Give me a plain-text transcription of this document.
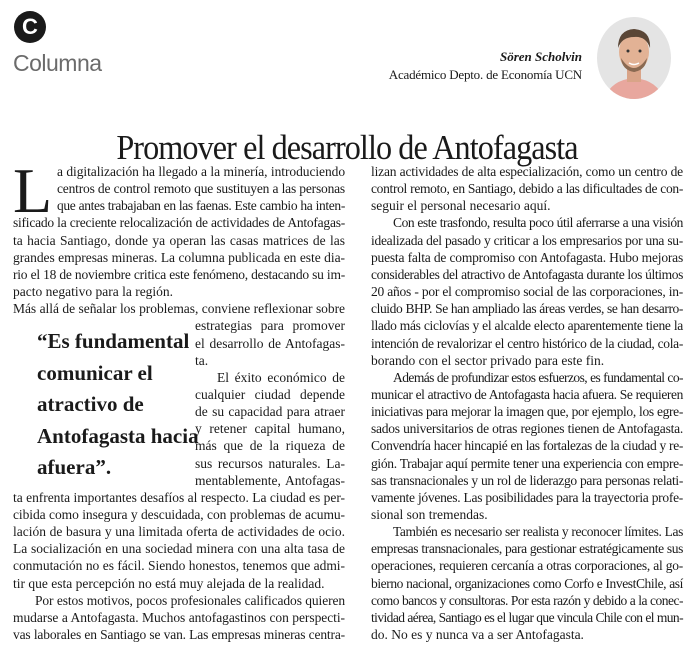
C
Columna	Sören Scholvin
Académico Depto. de Economía UCN
Promover el desarrollo de Antofagasta
L
“Es fundamental
comunicar el
atractivo de
Antofagasta hacia
afuera”.
a digitalización ha llegado a la minería, introduciendo
centros de control remoto que sustituyen a las personas
que antes trabajaban en las faenas. Este cambio ha inten-
sificado la creciente relocalización de actividades de Antofagas-
ta hacia Santiago, donde ya operan las casas matrices de las
grandes empresas mineras. La columna publicada en este dia-
rio el 18 de noviembre critica este fenómeno, destacando su im-
pacto negativo para la región.
Más allá de señalar los problemas, conviene reflexionar sobre
estrategias para promover
el desarrollo de Antofagas-
ta.
El éxito económico de
cualquier ciudad depende
de su capacidad para atraer
y retener capital humano,
más que de la riqueza de
sus recursos naturales. La-
mentablemente, Antofagas-
ta enfrenta importantes desafíos al respecto. La ciudad es per-
cibida como insegura y descuidada, con problemas de acumu-
lación de basura y una limitada oferta de actividades de ocio.
La socialización en una sociedad minera con una alta tasa de
conmutación no es fácil. Siendo honestos, tenemos que admi-
tir que esta percepción no está muy alejada de la realidad.
Por estos motivos, pocos profesionales calificados quieren
mudarse a Antofagasta. Muchos antofagastinos con perspecti-
vas laborales en Santiago se van. Las empresas mineras centra-
lizan actividades de alta especialización, como un centro de
control remoto, en Santiago, debido a las dificultades de con-
seguir el personal necesario aquí.
Con este trasfondo, resulta poco útil aferrarse a una visión
idealizada del pasado y criticar a los empresarios por una su-
puesta falta de compromiso con Antofagasta. Hubo mejoras
considerables del atractivo de Antofagasta durante los últimos
20 años - por el compromiso social de las corporaciones, in-
cluido BHP. Se han ampliado las áreas verdes, se han desarro-
llado más ciclovías y el alcalde electo aparentemente tiene la
intención de revalorizar el centro histórico de la ciudad, cola-
borando con el sector privado para este fin.
Además de profundizar estos esfuerzos, es fundamental co-
municar el atractivo de Antofagasta hacia afuera. Se requieren
iniciativas para mejorar la imagen que, por ejemplo, los egre-
sados universitarios de otras regiones tienen de Antofagasta.
Convendría hacer hincapié en las fortalezas de la ciudad y re-
gión. Trabajar aquí permite tener una experiencia con empre-
sas transnacionales y un rol de liderazgo para personas relati-
vamente jóvenes. Las posibilidades para la trayectoria profe-
sional son tremendas.
También es necesario ser realista y reconocer límites. Las
empresas transnacionales, para gestionar estratégicamente sus
operaciones, requieren cercanía a otras corporaciones, al go-
bierno nacional, organizaciones como Corfo e InvestChile, así
como bancos y consultoras. Por esta razón y debido a la conec-
tividad aérea, Santiago es el lugar que vincula Chile con el mun-
do. No es y nunca va a ser Antofagasta.
